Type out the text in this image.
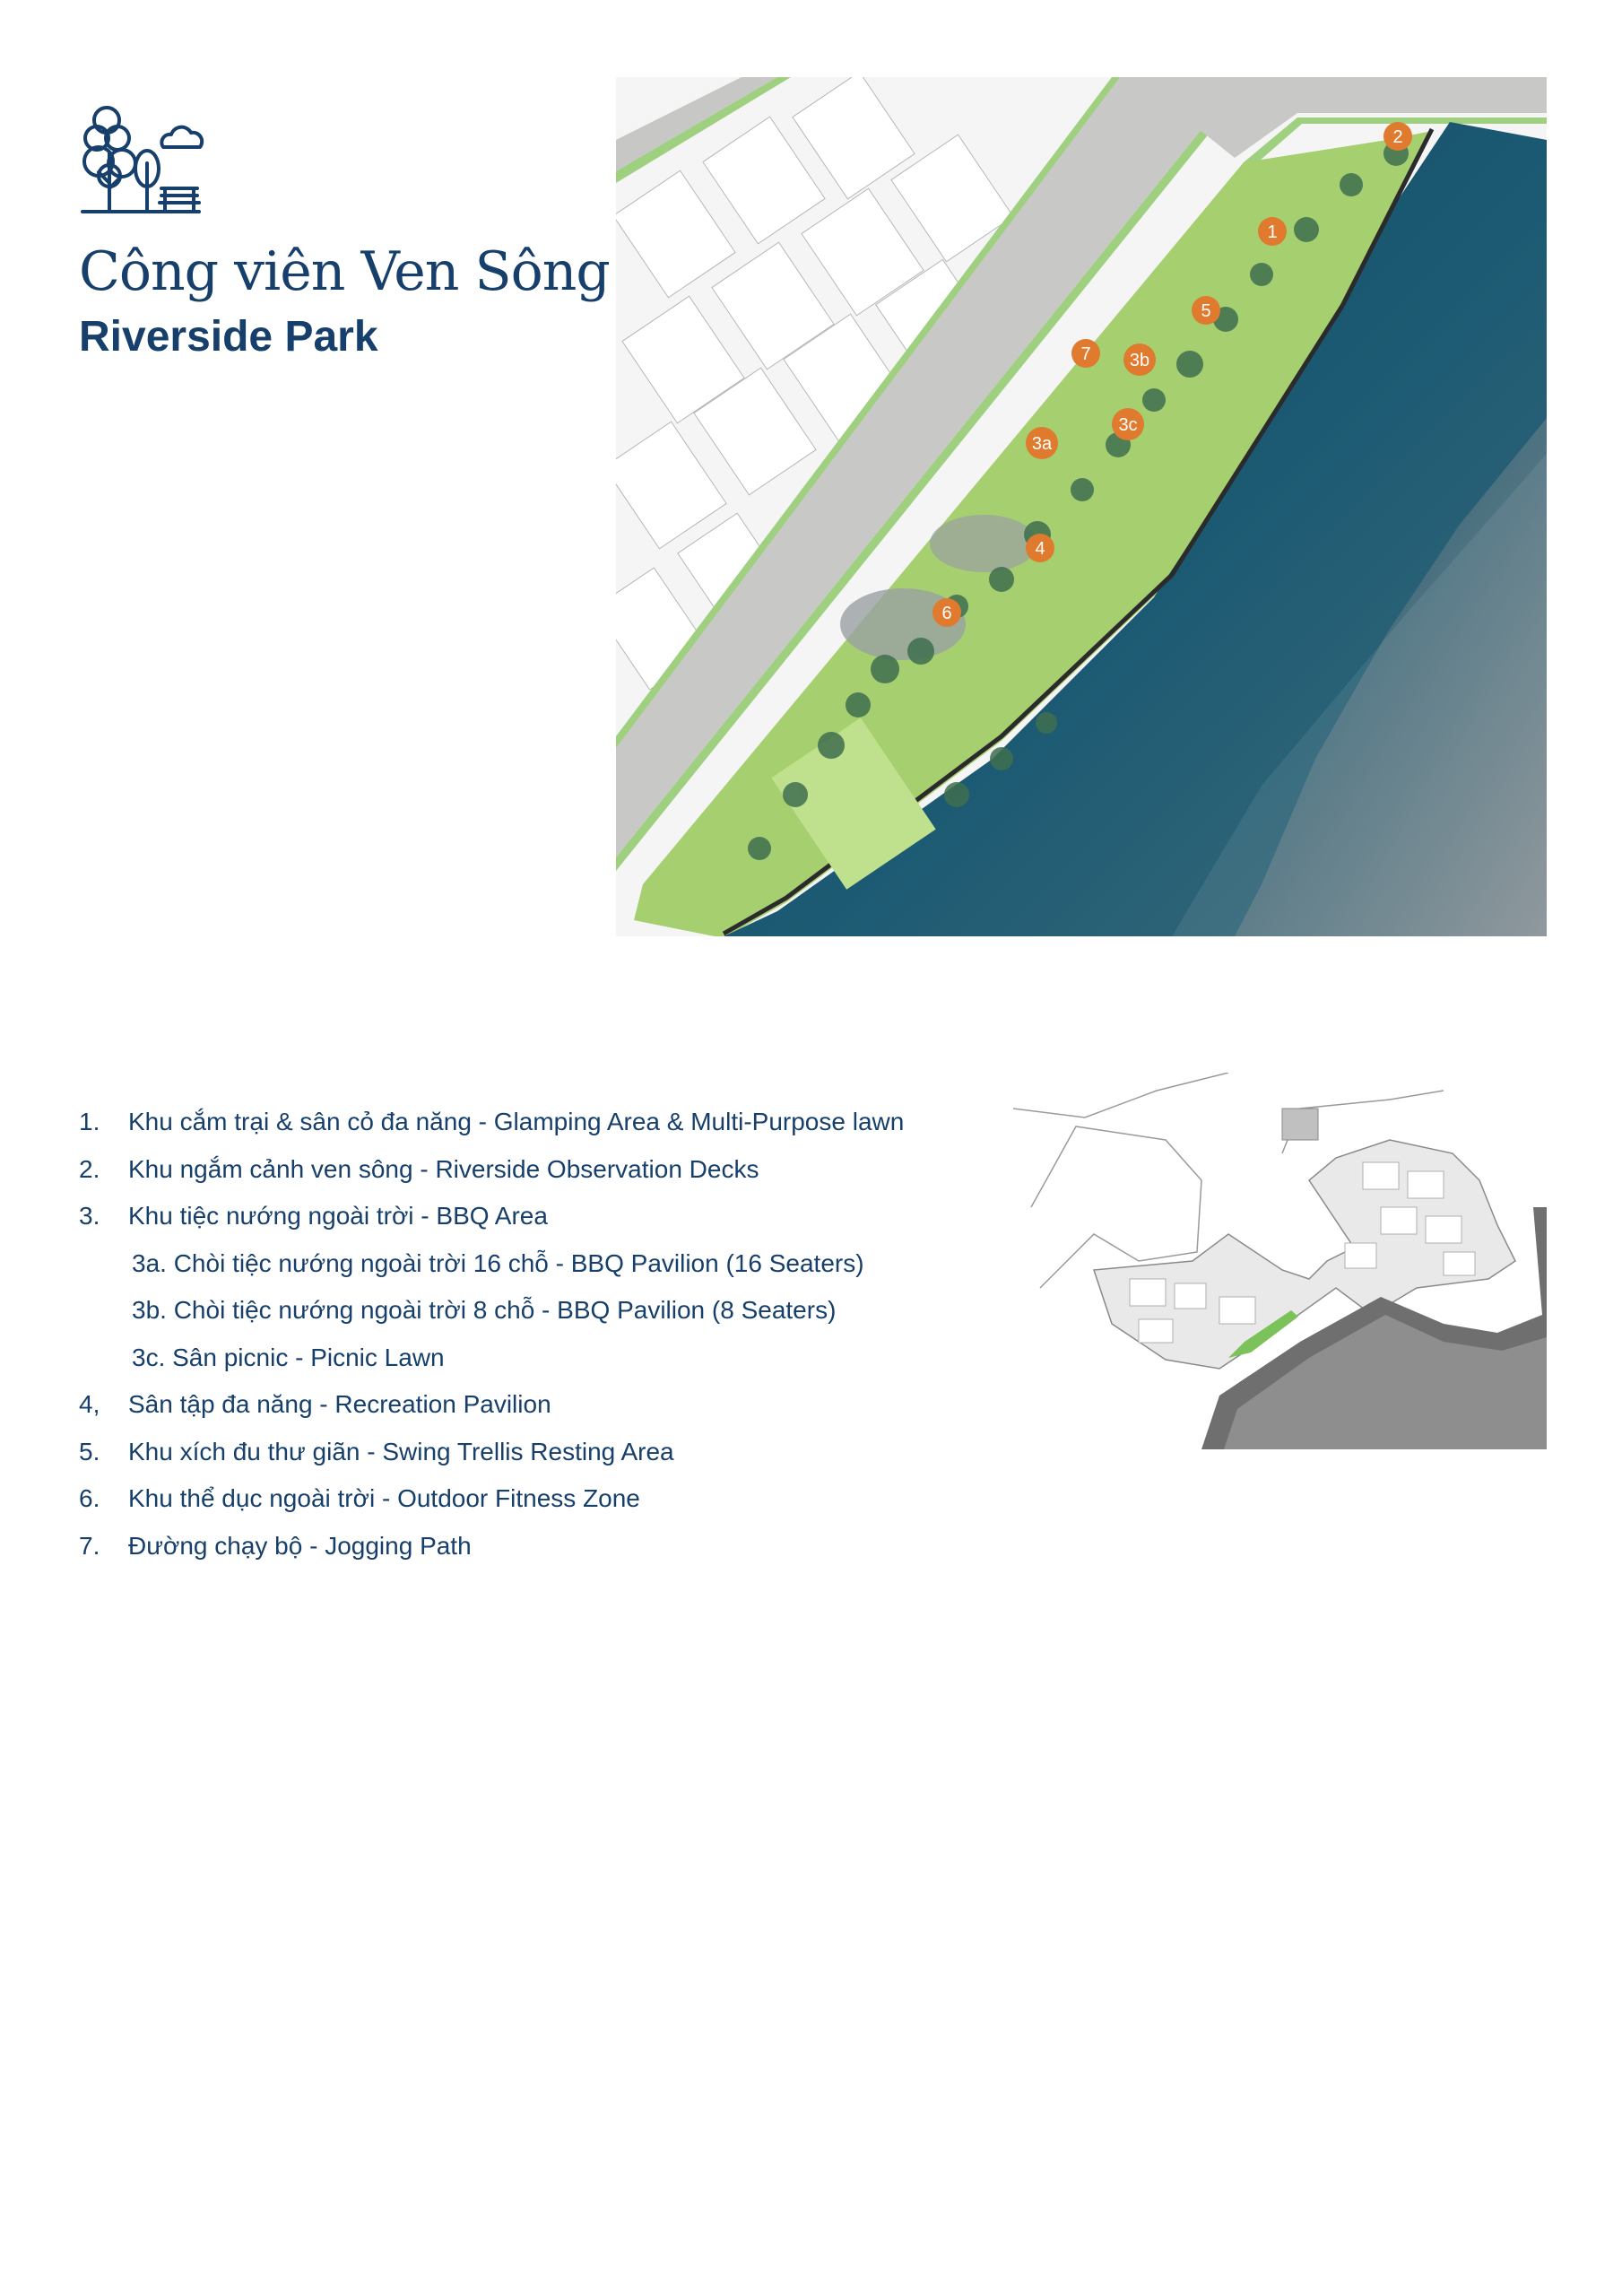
Công viên Ven Sông
Riverside Park
1
2
3a
3b
3c
4
5
6
7
1. Khu cắm trại & sân cỏ đa năng - Glamping Area & Multi-Purpose lawn
2. Khu ngắm cảnh ven sông - Riverside Observation Decks
3. Khu tiệc nướng ngoài trời - BBQ Area
3a. Chòi tiệc nướng ngoài trời 16 chỗ - BBQ Pavilion (16 Seaters)
3b. Chòi tiệc nướng ngoài trời 8 chỗ - BBQ Pavilion (8 Seaters)
3c. Sân picnic - Picnic Lawn
4, Sân tập đa năng - Recreation Pavilion
5. Khu xích đu thư giãn - Swing Trellis Resting Area
6. Khu thể dục ngoài trời - Outdoor Fitness Zone
7. Đường chạy bộ - Jogging Path
